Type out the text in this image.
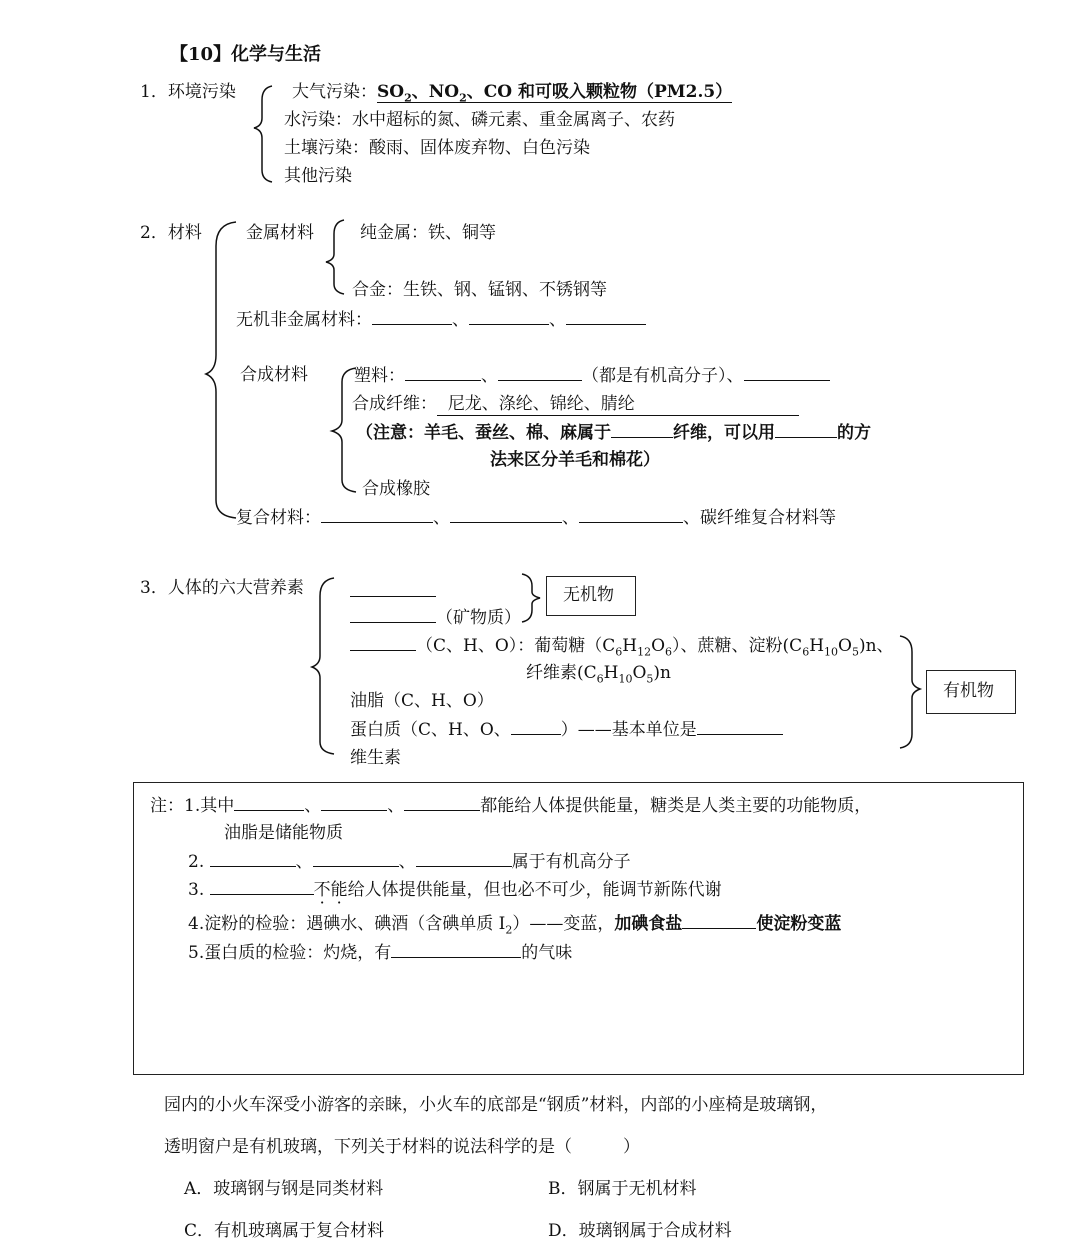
【10】化学与生活
1．环境污染	大气污染：$SO_2$、$NO_2$、CO 和可吸入颗粒物（PM2.5）
水污染：水中超标的氮、磷元素、重金属离子、农药
土壤污染：酸雨、固体废弃物、白色污染
其他污染
2．材料	金属材料	纯金属：铁、铜等
合金：生铁、钢、锰钢、不锈钢等
无机非金属材料：	、	、
合成材料	塑料：	、	（都是有机高分子）、
合成纤维： 尼龙、涤纶、锦纶、腈纶
（注意：羊毛、蚕丝、棉、麻属于	纤维，可以用	的方
法来区分羊毛和棉花）
合成橡胶
复合材料：	、	、	、碳纤维复合材料等
3．人体的六大营养素
（矿物质）
无机物
（C、H、O）：葡萄糖$(C_6H_{12}O_6)$、蔗糖、淀粉$(C_6H_{10}O_5)n$、
纤维素$(C_6H_{10}O_5)n$
有机物
油脂（C、H、O）
蛋白质（C、H、O、	）——基本单位是
维生素
注：1.其中	、	、	都能给人体提供能量，糖类是人类主要的功能物质，
油脂是储能物质
2.	、	、	属于有机高分子
3.	不能给人体提供能量，但也必不可少，能调节新陈代谢
4.淀粉的检验：遇碘水、碘酒（含碘单质 $I_2)——$变蓝，加碘食盐	使淀粉变蓝
5.蛋白质的检验：灼烧，有	的气味
园内的小火车深受小游客的亲睐，小火车的底部是“钢质”材料，内部的小座椅是玻璃钢，
透明窗户是有机玻璃，下列关于材料的说法科学的是（　　　）
A．玻璃钢与钢是同类材料	B．钢属于无机材料
C．有机玻璃属于复合材料	D．玻璃钢属于合成材料
